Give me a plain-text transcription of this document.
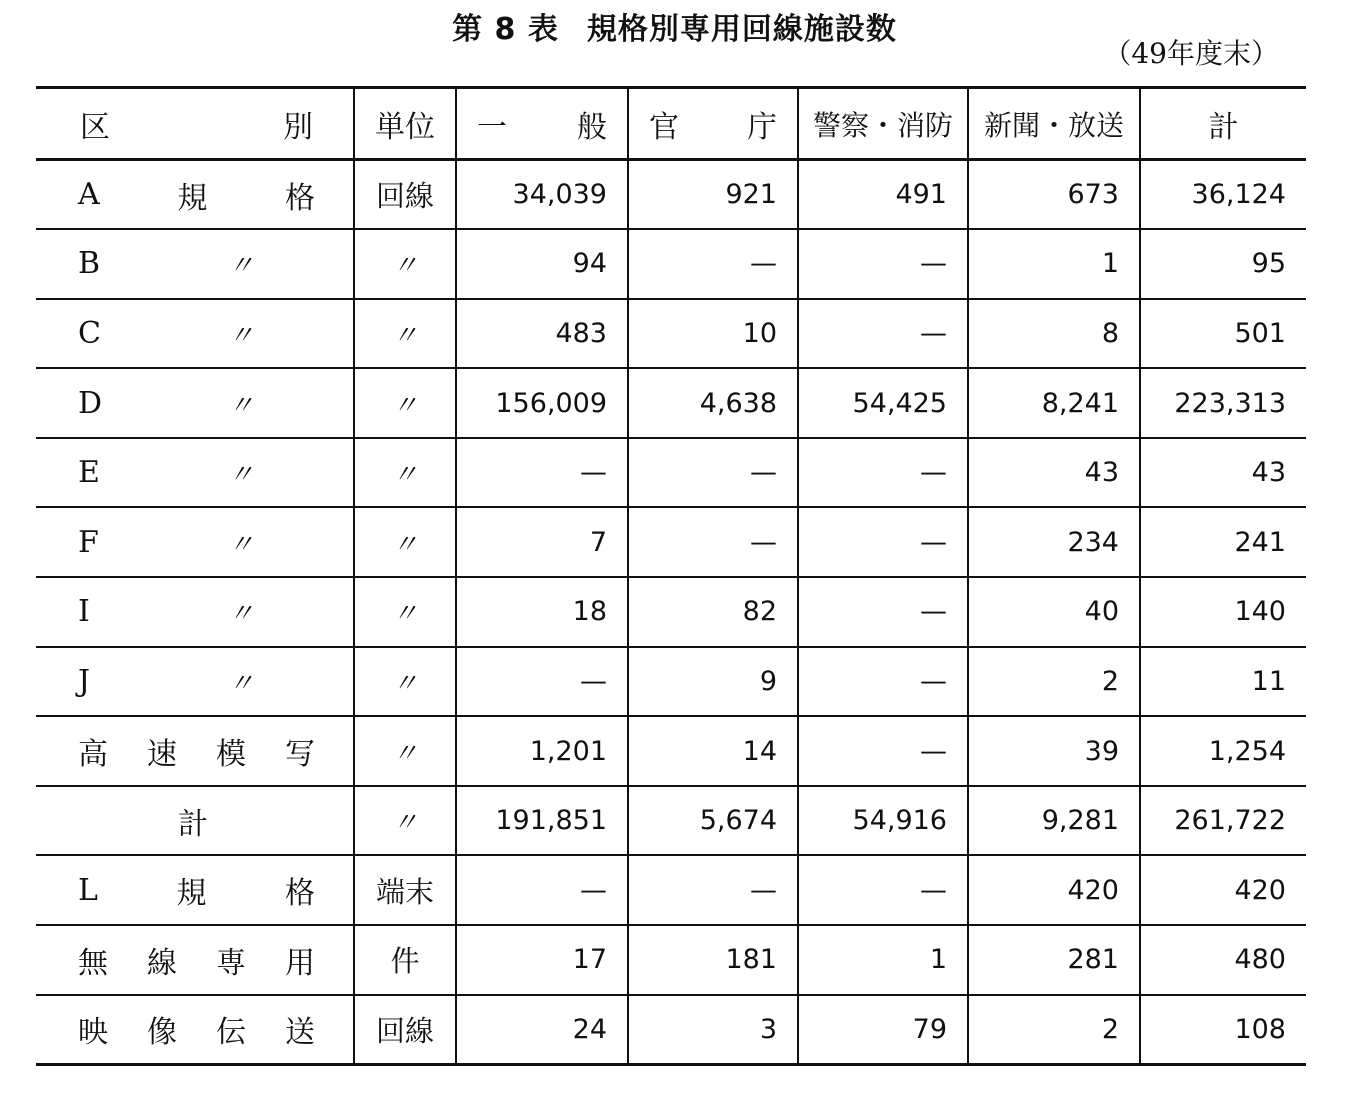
第 8 表 規格別専用回線施設数
（49年度末）
区 別	単位	一 般	官 庁	警察・消防	新聞・放送	計

A 規 格	回線	34,039	921	491	673	36,124

B 〃	〃	94	—	—	1	95

C 〃	〃	483	10	—	8	501

D 〃	〃	156,009	4,638	54,425	8,241	223,313

E 〃	〃	—	—	—	43	43

F 〃	〃	7	—	—	234	241

I 〃	〃	18	82	—	40	140

J 〃	〃	—	9	—	2	11

高 速 模 写	〃	1,201	14	—	39	1,254

計	〃	191,851	5,674	54,916	9,281	261,722

L 規 格	端末	—	—	—	420	420

無 線 専 用	件	17	181	1	281	480

映 像 伝 送	回線	24	3	79	2	108
